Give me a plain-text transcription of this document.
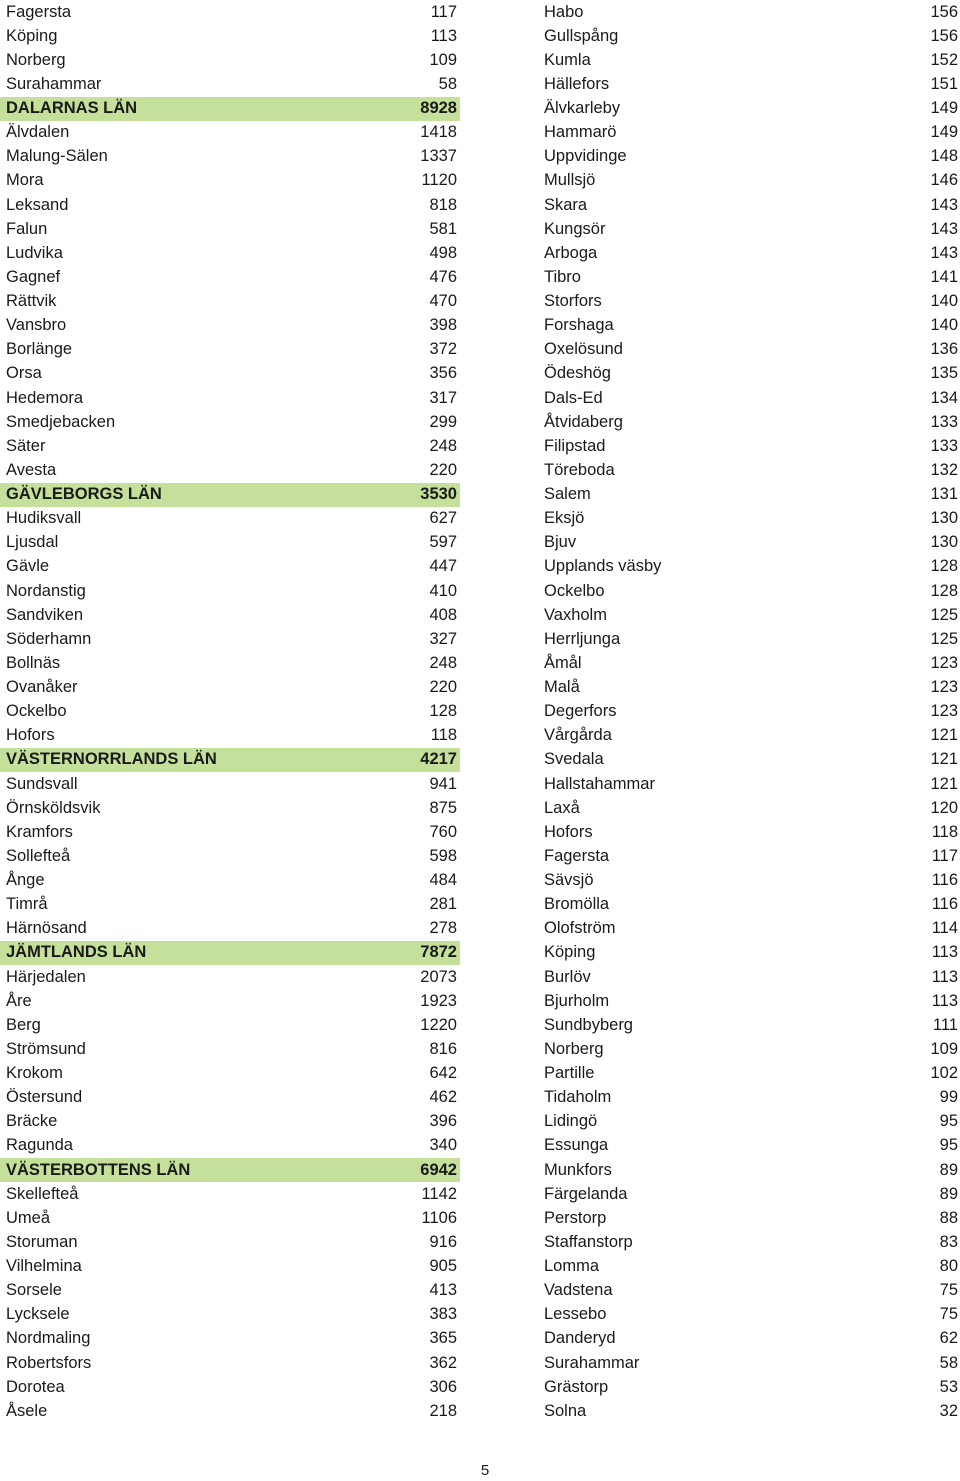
Fagersta	117
Köping	113
Norberg	109
Surahammar	58
DALARNAS LÄN	8928
Älvdalen	1418
Malung-Sälen	1337
Mora	1120
Leksand	818
Falun	581
Ludvika	498
Gagnef	476
Rättvik	470
Vansbro	398
Borlänge	372
Orsa	356
Hedemora	317
Smedjebacken	299
Säter	248
Avesta	220
GÄVLEBORGS LÄN	3530
Hudiksvall	627
Ljusdal	597
Gävle	447
Nordanstig	410
Sandviken	408
Söderhamn	327
Bollnäs	248
Ovanåker	220
Ockelbo	128
Hofors	118
VÄSTERNORRLANDS LÄN	4217
Sundsvall	941
Örnsköldsvik	875
Kramfors	760
Sollefteå	598
Ånge	484
Timrå	281
Härnösand	278
JÄMTLANDS LÄN	7872
Härjedalen	2073
Åre	1923
Berg	1220
Strömsund	816
Krokom	642
Östersund	462
Bräcke	396
Ragunda	340
VÄSTERBOTTENS LÄN	6942
Skellefteå	1142
Umeå	1106
Storuman	916
Vilhelmina	905
Sorsele	413
Lycksele	383
Nordmaling	365
Robertsfors	362
Dorotea	306
Åsele	218
Habo	156
Gullspång	156
Kumla	152
Hällefors	151
Älvkarleby	149
Hammarö	149
Uppvidinge	148
Mullsjö	146
Skara	143
Kungsör	143
Arboga	143
Tibro	141
Storfors	140
Forshaga	140
Oxelösund	136
Ödeshög	135
Dals-Ed	134
Åtvidaberg	133
Filipstad	133
Töreboda	132
Salem	131
Eksjö	130
Bjuv	130
Upplands väsby	128
Ockelbo	128
Vaxholm	125
Herrljunga	125
Åmål	123
Malå	123
Degerfors	123
Vårgårda	121
Svedala	121
Hallstahammar	121
Laxå	120
Hofors	118
Fagersta	117
Sävsjö	116
Bromölla	116
Olofström	114
Köping	113
Burlöv	113
Bjurholm	113
Sundbyberg	111
Norberg	109
Partille	102
Tidaholm	99
Lidingö	95
Essunga	95
Munkfors	89
Färgelanda	89
Perstorp	88
Staffanstorp	83
Lomma	80
Vadstena	75
Lessebo	75
Danderyd	62
Surahammar	58
Grästorp	53
Solna	32
5
